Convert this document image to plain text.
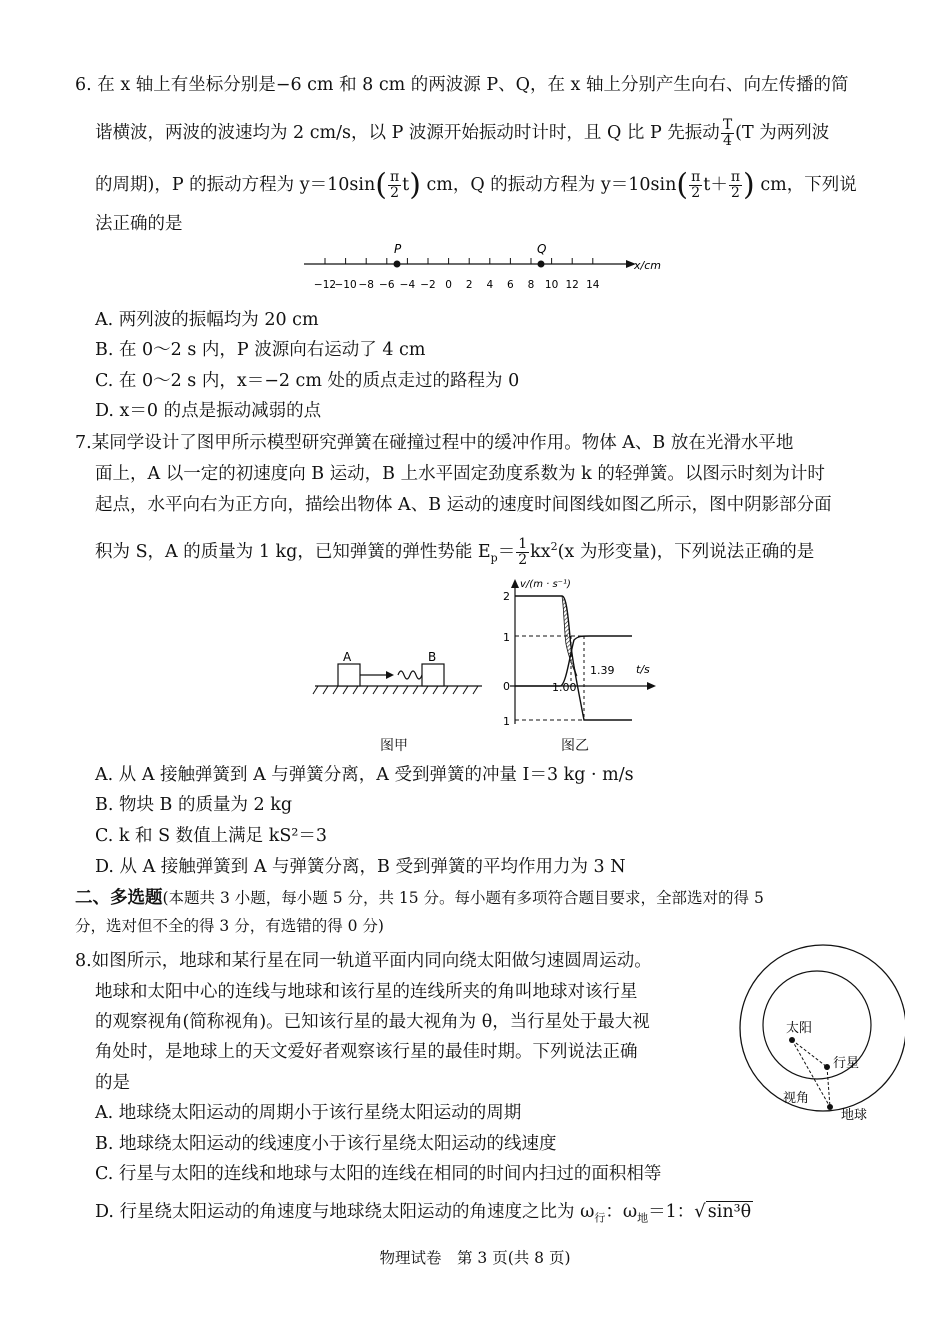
6. 在 x 轴上有坐标分别是−6 cm 和 8 cm 的两波源 P、Q，在 x 轴上分别产生向右、向左传播的简
谐横波，两波的波速均为 2 cm/s，以 P 波源开始振动时计时，且 Q 比 P 先振动 $\frac{T}{4} (T$ 为两列波
的周期)，P 的振动方程为 $y=10\sin( \frac{\pi}{2} t)$ cm，Q 的振动方程为 $y=10\sin( \frac{\pi}{2} t+ \frac{\pi}{2}$ ) cm，下列说
法正确的是
−12
−10 −8 −6 −4 −2 0 2 4 6 8 10 12 14
P	Q
x/cm
A. 两列波的振幅均为 20 cm
B. 在 0～2 s 内，P 波源向右运动了 4 cm
C. 在 0～2 s 内，x＝−2 cm 处的质点走过的路程为 0
D. x＝0 的点是振动减弱的点
7.某同学设计了图甲所示模型研究弹簧在碰撞过程中的缓冲作用。物体 A、B 放在光滑水平地
面上，A 以一定的初速度向 B 运动，B 上水平固定劲度系数为 k 的轻弹簧。以图示时刻为计时
起点，水平向右为正方向，描绘出物体 A、B 运动的速度时间图线如图乙所示，图中阴影部分面
积为 S，A 的质量为 1 kg，已知弹簧的弹性势能 $E_p= \frac{1}{2} kx^2(x$ 为形变量)，下列说法正确的是
A	B
图甲
v/(m · s⁻¹)
t/s
2
1
0
1
1.00
1.39
图乙
A. 从 A 接触弹簧到 A 与弹簧分离，A 受到弹簧的冲量 I＝3 kg · m/s
B. 物块 B 的质量为 2 kg
C. k 和 S 数值上满足 kS²＝3
D. 从 A 接触弹簧到 A 与弹簧分离，B 受到弹簧的平均作用力为 3 N
二、多选题(本题共 3 小题，每小题 5 分，共 15 分。每小题有多项符合题目要求，全部选对的得 5
分，选对但不全的得 3 分，有选错的得 0 分)
8.如图所示，地球和某行星在同一轨道平面内同向绕太阳做匀速圆周运动。
地球和太阳中心的连线与地球和该行星的连线所夹的角叫地球对该行星
的观察视角(简称视角)。已知该行星的最大视角为 θ，当行星处于最大视
角处时，是地球上的天文爱好者观察该行星的最佳时期。下列说法正确
的是
太阳
行星
视角
地球
A. 地球绕太阳运动的周期小于该行星绕太阳运动的周期
B. 地球绕太阳运动的线速度小于该行星绕太阳运动的线速度
C. 行星与太阳的连线和地球与太阳的连线在相同的时间内扫过的面积相等
D. 行星绕太阳运动的角速度与地球绕太阳运动的角速度之比为 $\omega_行$：$\omega_地=1$：√ sin³θ
物理试卷　第 3 页(共 8 页)
